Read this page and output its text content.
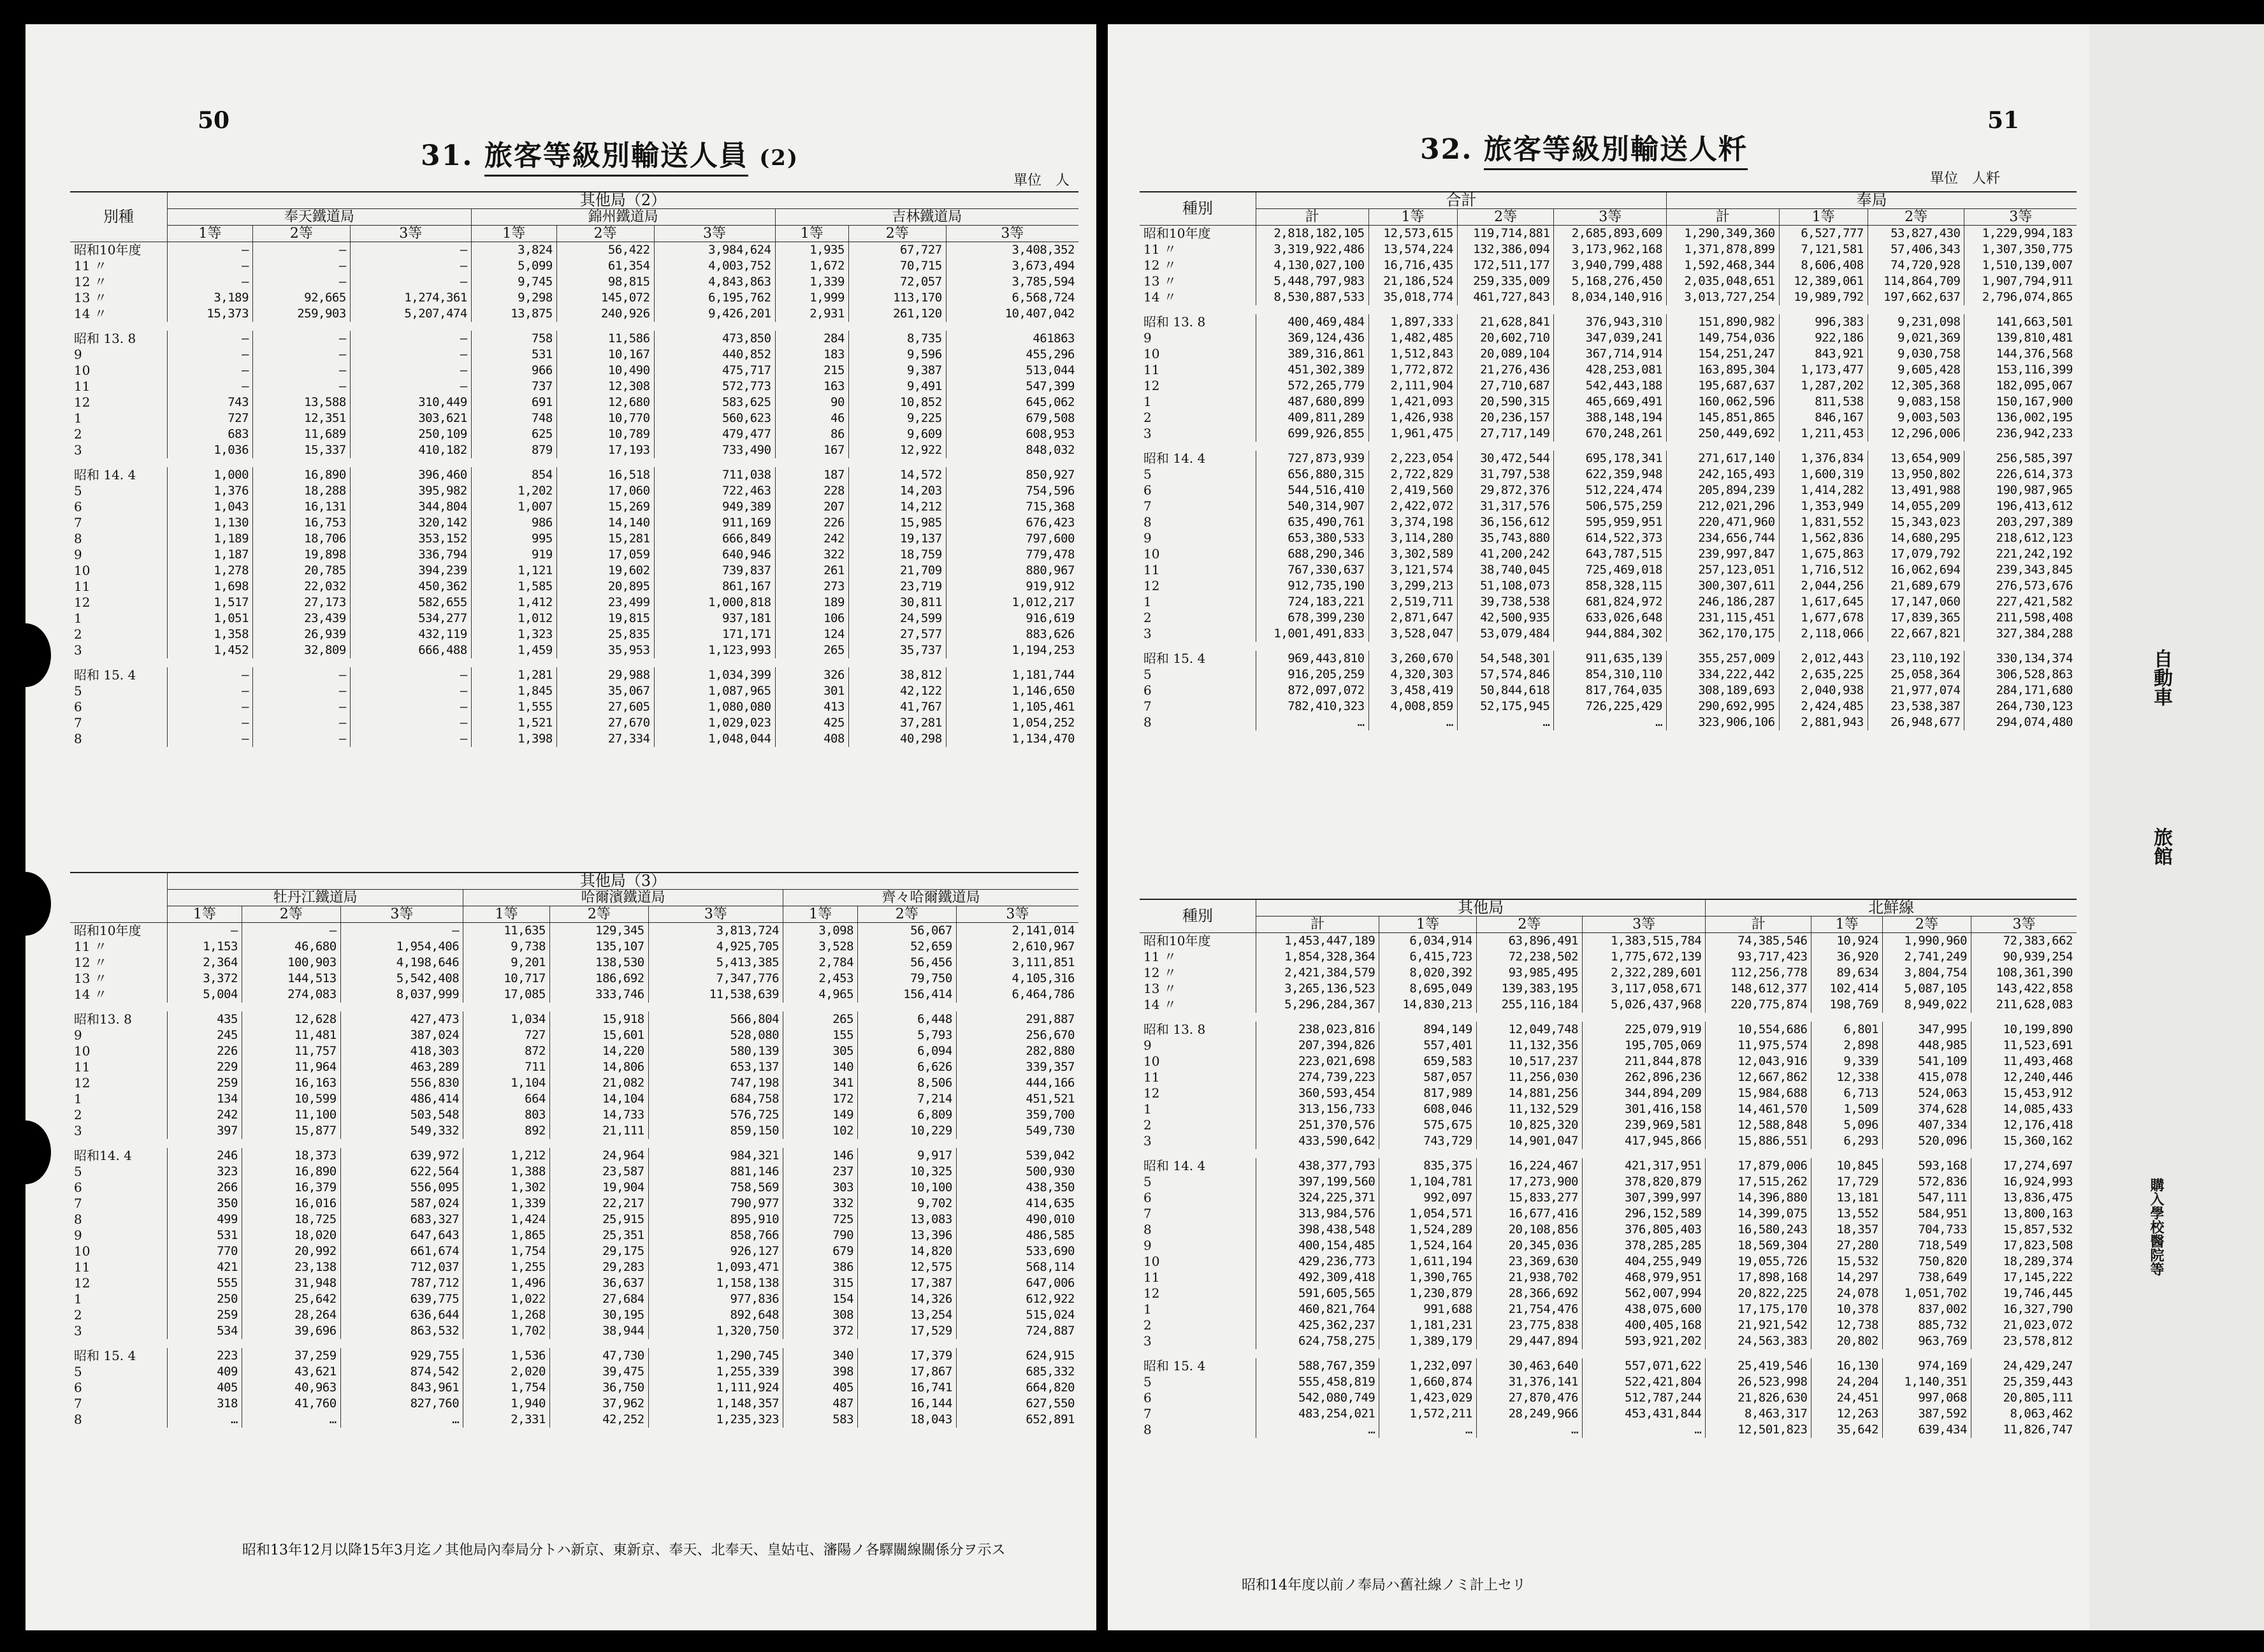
50
31. 旅客等級別輸送人員 (2)
單位　人
別種	其他局（2）								
	奉天鐵道局			錦州鐵道局			吉林鐵道局		
	1等	2等	3等	1等	2等	3等	1等	2等	3等
昭和10年度	—	—	—	3,824	56,422	3,984,624	1,935	67,727	3,408,352
11 〃	—	—	—	5,099	61,354	4,003,752	1,672	70,715	3,673,494
12 〃	—	—	—	9,745	98,815	4,843,863	1,339	72,057	3,785,594
13 〃	3,189	92,665	1,274,361	9,298	145,072	6,195,762	1,999	113,170	6,568,724
14 〃	15,373	259,903	5,207,474	13,875	240,926	9,426,201	2,931	261,120	10,407,042

昭和 13. 8	—	—	—	758	11,586	473,850	284	8,735	461863
9	—	—	—	531	10,167	440,852	183	9,596	455,296
10	—	—	—	966	10,490	475,717	215	9,387	513,044
11	—	—	—	737	12,308	572,773	163	9,491	547,399
12	743	13,588	310,449	691	12,680	583,625	90	10,852	645,062
1	727	12,351	303,621	748	10,770	560,623	46	9,225	679,508
2	683	11,689	250,109	625	10,789	479,477	86	9,609	608,953
3	1,036	15,337	410,182	879	17,193	733,490	167	12,922	848,032

昭和 14. 4	1,000	16,890	396,460	854	16,518	711,038	187	14,572	850,927
5	1,376	18,288	395,982	1,202	17,060	722,463	228	14,203	754,596
6	1,043	16,131	344,804	1,007	15,269	949,389	207	14,212	715,368
7	1,130	16,753	320,142	986	14,140	911,169	226	15,985	676,423
8	1,189	18,706	353,152	995	15,281	666,849	242	19,137	797,600
9	1,187	19,898	336,794	919	17,059	640,946	322	18,759	779,478
10	1,278	20,785	394,239	1,121	19,602	739,837	261	21,709	880,967
11	1,698	22,032	450,362	1,585	20,895	861,167	273	23,719	919,912
12	1,517	27,173	582,655	1,412	23,499	1,000,818	189	30,811	1,012,217
1	1,051	23,439	534,277	1,012	19,815	937,181	106	24,599	916,619
2	1,358	26,939	432,119	1,323	25,835	171,171	124	27,577	883,626
3	1,452	32,809	666,488	1,459	35,953	1,123,993	265	35,737	1,194,253

昭和 15. 4	—	—	—	1,281	29,988	1,034,399	326	38,812	1,181,744
5	—	—	—	1,845	35,067	1,087,965	301	42,122	1,146,650
6	—	—	—	1,555	27,605	1,080,080	413	41,767	1,105,461
7	—	—	—	1,521	27,670	1,029,023	425	37,281	1,054,252
8	—	—	—	1,398	27,334	1,048,044	408	40,298	1,134,470
	其他局（3）								
	牡丹江鐵道局			哈爾濱鐵道局			齊々哈爾鐵道局		
	1等	2等	3等	1等	2等	3等	1等	2等	3等
昭和10年度	—	—	—	11,635	129,345	3,813,724	3,098	56,067	2,141,014
11 〃	1,153	46,680	1,954,406	9,738	135,107	4,925,705	3,528	52,659	2,610,967
12 〃	2,364	100,903	4,198,646	9,201	138,530	5,413,385	2,784	56,456	3,111,851
13 〃	3,372	144,513	5,542,408	10,717	186,692	7,347,776	2,453	79,750	4,105,316
14 〃	5,004	274,083	8,037,999	17,085	333,746	11,538,639	4,965	156,414	6,464,786

昭和13. 8	435	12,628	427,473	1,034	15,918	566,804	265	6,448	291,887
9	245	11,481	387,024	727	15,601	528,080	155	5,793	256,670
10	226	11,757	418,303	872	14,220	580,139	305	6,094	282,880
11	229	11,964	463,289	711	14,806	653,137	140	6,626	339,357
12	259	16,163	556,830	1,104	21,082	747,198	341	8,506	444,166
1	134	10,599	486,414	664	14,104	684,758	172	7,214	451,521
2	242	11,100	503,548	803	14,733	576,725	149	6,809	359,700
3	397	15,877	549,332	892	21,111	859,150	102	10,229	549,730

昭和14. 4	246	18,373	639,972	1,212	24,964	984,321	146	9,917	539,042
5	323	16,890	622,564	1,388	23,587	881,146	237	10,325	500,930
6	266	16,379	556,095	1,302	19,904	758,569	303	10,100	438,350
7	350	16,016	587,024	1,339	22,217	790,977	332	9,702	414,635
8	499	18,725	683,327	1,424	25,915	895,910	725	13,083	490,010
9	531	18,020	647,643	1,865	25,351	858,766	790	13,396	486,585
10	770	20,992	661,674	1,754	29,175	926,127	679	14,820	533,690
11	421	23,138	712,037	1,255	29,283	1,093,471	386	12,575	568,114
12	555	31,948	787,712	1,496	36,637	1,158,138	315	17,387	647,006
1	250	25,642	639,775	1,022	27,684	977,836	154	14,326	612,922
2	259	28,264	636,644	1,268	30,195	892,648	308	13,254	515,024
3	534	39,696	863,532	1,702	38,944	1,320,750	372	17,529	724,887

昭和 15. 4	223	37,259	929,755	1,536	47,730	1,290,745	340	17,379	624,915
5	409	43,621	874,542	2,020	39,475	1,255,339	398	17,867	685,332
6	405	40,963	843,961	1,754	36,750	1,111,924	405	16,741	664,820
7	318	41,760	827,760	1,940	37,962	1,148,357	487	16,144	627,550
8	…	…	…	2,331	42,252	1,235,323	583	18,043	652,891
昭和13年12月以降15年3月迄ノ其他局內奉局分トハ新京、東新京、奉天、北奉天、皇姑屯、瀋陽ノ各驛關線關係分ヲ示ス
51
32. 旅客等級別輸送人粁
單位　人粁
種別	合計				奉局			
	計	1等	2等	3等	計	1等	2等	3等
昭和10年度	2,818,182,105	12,573,615	119,714,881	2,685,893,609	1,290,349,360	6,527,777	53,827,430	1,229,994,183
11 〃	3,319,922,486	13,574,224	132,386,094	3,173,962,168	1,371,878,899	7,121,581	57,406,343	1,307,350,775
12 〃	4,130,027,100	16,716,435	172,511,177	3,940,799,488	1,592,468,344	8,606,408	74,720,928	1,510,139,007
13 〃	5,448,797,983	21,186,524	259,335,009	5,168,276,450	2,035,048,651	12,389,061	114,864,709	1,907,794,911
14 〃	8,530,887,533	35,018,774	461,727,843	8,034,140,916	3,013,727,254	19,989,792	197,662,637	2,796,074,865

昭和 13. 8	400,469,484	1,897,333	21,628,841	376,943,310	151,890,982	996,383	9,231,098	141,663,501
9	369,124,436	1,482,485	20,602,710	347,039,241	149,754,036	922,186	9,021,369	139,810,481
10	389,316,861	1,512,843	20,089,104	367,714,914	154,251,247	843,921	9,030,758	144,376,568
11	451,302,389	1,772,872	21,276,436	428,253,081	163,895,304	1,173,477	9,605,428	153,116,399
12	572,265,779	2,111,904	27,710,687	542,443,188	195,687,637	1,287,202	12,305,368	182,095,067
1	487,680,899	1,421,093	20,590,315	465,669,491	160,062,596	811,538	9,083,158	150,167,900
2	409,811,289	1,426,938	20,236,157	388,148,194	145,851,865	846,167	9,003,503	136,002,195
3	699,926,855	1,961,475	27,717,149	670,248,261	250,449,692	1,211,453	12,296,006	236,942,233

昭和 14. 4	727,873,939	2,223,054	30,472,544	695,178,341	271,617,140	1,376,834	13,654,909	256,585,397
5	656,880,315	2,722,829	31,797,538	622,359,948	242,165,493	1,600,319	13,950,802	226,614,373
6	544,516,410	2,419,560	29,872,376	512,224,474	205,894,239	1,414,282	13,491,988	190,987,965
7	540,314,907	2,422,072	31,317,576	506,575,259	212,021,296	1,353,949	14,055,209	196,413,612
8	635,490,761	3,374,198	36,156,612	595,959,951	220,471,960	1,831,552	15,343,023	203,297,389
9	653,380,533	3,114,280	35,743,880	614,522,373	234,656,744	1,562,836	14,680,295	218,612,123
10	688,290,346	3,302,589	41,200,242	643,787,515	239,997,847	1,675,863	17,079,792	221,242,192
11	767,330,637	3,121,574	38,740,045	725,469,018	257,123,051	1,716,512	16,062,694	239,343,845
12	912,735,190	3,299,213	51,108,073	858,328,115	300,307,611	2,044,256	21,689,679	276,573,676
1	724,183,221	2,519,711	39,738,538	681,824,972	246,186,287	1,617,645	17,147,060	227,421,582
2	678,399,230	2,871,647	42,500,935	633,026,648	231,115,451	1,677,678	17,839,365	211,598,408
3	1,001,491,833	3,528,047	53,079,484	944,884,302	362,170,175	2,118,066	22,667,821	327,384,288

昭和 15. 4	969,443,810	3,260,670	54,548,301	911,635,139	355,257,009	2,012,443	23,110,192	330,134,374
5	916,205,259	4,320,303	57,574,846	854,310,110	334,222,442	2,635,225	25,058,364	306,528,863
6	872,097,072	3,458,419	50,844,618	817,764,035	308,189,693	2,040,938	21,977,074	284,171,680
7	782,410,323	4,008,859	52,175,945	726,225,429	290,692,995	2,424,485	23,538,387	264,730,123
8	…	…	…	…	323,906,106	2,881,943	26,948,677	294,074,480
種別	其他局				北鮮線			
	計	1等	2等	3等	計	1等	2等	3等
昭和10年度	1,453,447,189	6,034,914	63,896,491	1,383,515,784	74,385,546	10,924	1,990,960	72,383,662
11 〃	1,854,328,364	6,415,723	72,238,502	1,775,672,139	93,717,423	36,920	2,741,249	90,939,254
12 〃	2,421,384,579	8,020,392	93,985,495	2,322,289,601	112,256,778	89,634	3,804,754	108,361,390
13 〃	3,265,136,523	8,695,049	139,383,195	3,117,058,671	148,612,377	102,414	5,087,105	143,422,858
14 〃	5,296,284,367	14,830,213	255,116,184	5,026,437,968	220,775,874	198,769	8,949,022	211,628,083

昭和 13. 8	238,023,816	894,149	12,049,748	225,079,919	10,554,686	6,801	347,995	10,199,890
9	207,394,826	557,401	11,132,356	195,705,069	11,975,574	2,898	448,985	11,523,691
10	223,021,698	659,583	10,517,237	211,844,878	12,043,916	9,339	541,109	11,493,468
11	274,739,223	587,057	11,256,030	262,896,236	12,667,862	12,338	415,078	12,240,446
12	360,593,454	817,989	14,881,256	344,894,209	15,984,688	6,713	524,063	15,453,912
1	313,156,733	608,046	11,132,529	301,416,158	14,461,570	1,509	374,628	14,085,433
2	251,370,576	575,675	10,825,320	239,969,581	12,588,848	5,096	407,334	12,176,418
3	433,590,642	743,729	14,901,047	417,945,866	15,886,551	6,293	520,096	15,360,162

昭和 14. 4	438,377,793	835,375	16,224,467	421,317,951	17,879,006	10,845	593,168	17,274,697
5	397,199,560	1,104,781	17,273,900	378,820,879	17,515,262	17,729	572,836	16,924,993
6	324,225,371	992,097	15,833,277	307,399,997	14,396,880	13,181	547,111	13,836,475
7	313,984,576	1,054,571	16,677,416	296,152,589	14,399,075	13,552	584,951	13,800,163
8	398,438,548	1,524,289	20,108,856	376,805,403	16,580,243	18,357	704,733	15,857,532
9	400,154,485	1,524,164	20,345,036	378,285,285	18,569,304	27,280	718,549	17,823,508
10	429,236,773	1,611,194	23,369,630	404,255,949	19,055,726	15,532	750,820	18,289,374
11	492,309,418	1,390,765	21,938,702	468,979,951	17,898,168	14,297	738,649	17,145,222
12	591,605,565	1,230,879	28,366,692	562,007,994	20,822,225	24,078	1,051,702	19,746,445
1	460,821,764	991,688	21,754,476	438,075,600	17,175,170	10,378	837,002	16,327,790
2	425,362,237	1,181,231	23,775,838	400,405,168	21,921,542	12,738	885,732	21,023,072
3	624,758,275	1,389,179	29,447,894	593,921,202	24,563,383	20,802	963,769	23,578,812

昭和 15. 4	588,767,359	1,232,097	30,463,640	557,071,622	25,419,546	16,130	974,169	24,429,247
5	555,458,819	1,660,874	31,376,141	522,421,804	26,523,998	24,204	1,140,351	25,359,443
6	542,080,749	1,423,029	27,870,476	512,787,244	21,826,630	24,451	997,068	20,805,111
7	483,254,021	1,572,211	28,249,966	453,431,844	8,463,317	12,263	387,592	8,063,462
8	…	…	…	…	12,501,823	35,642	639,434	11,826,747
昭和14年度以前ノ奉局ハ舊社線ノミ計上セリ
自動車
旅館
購入學校醫院等
